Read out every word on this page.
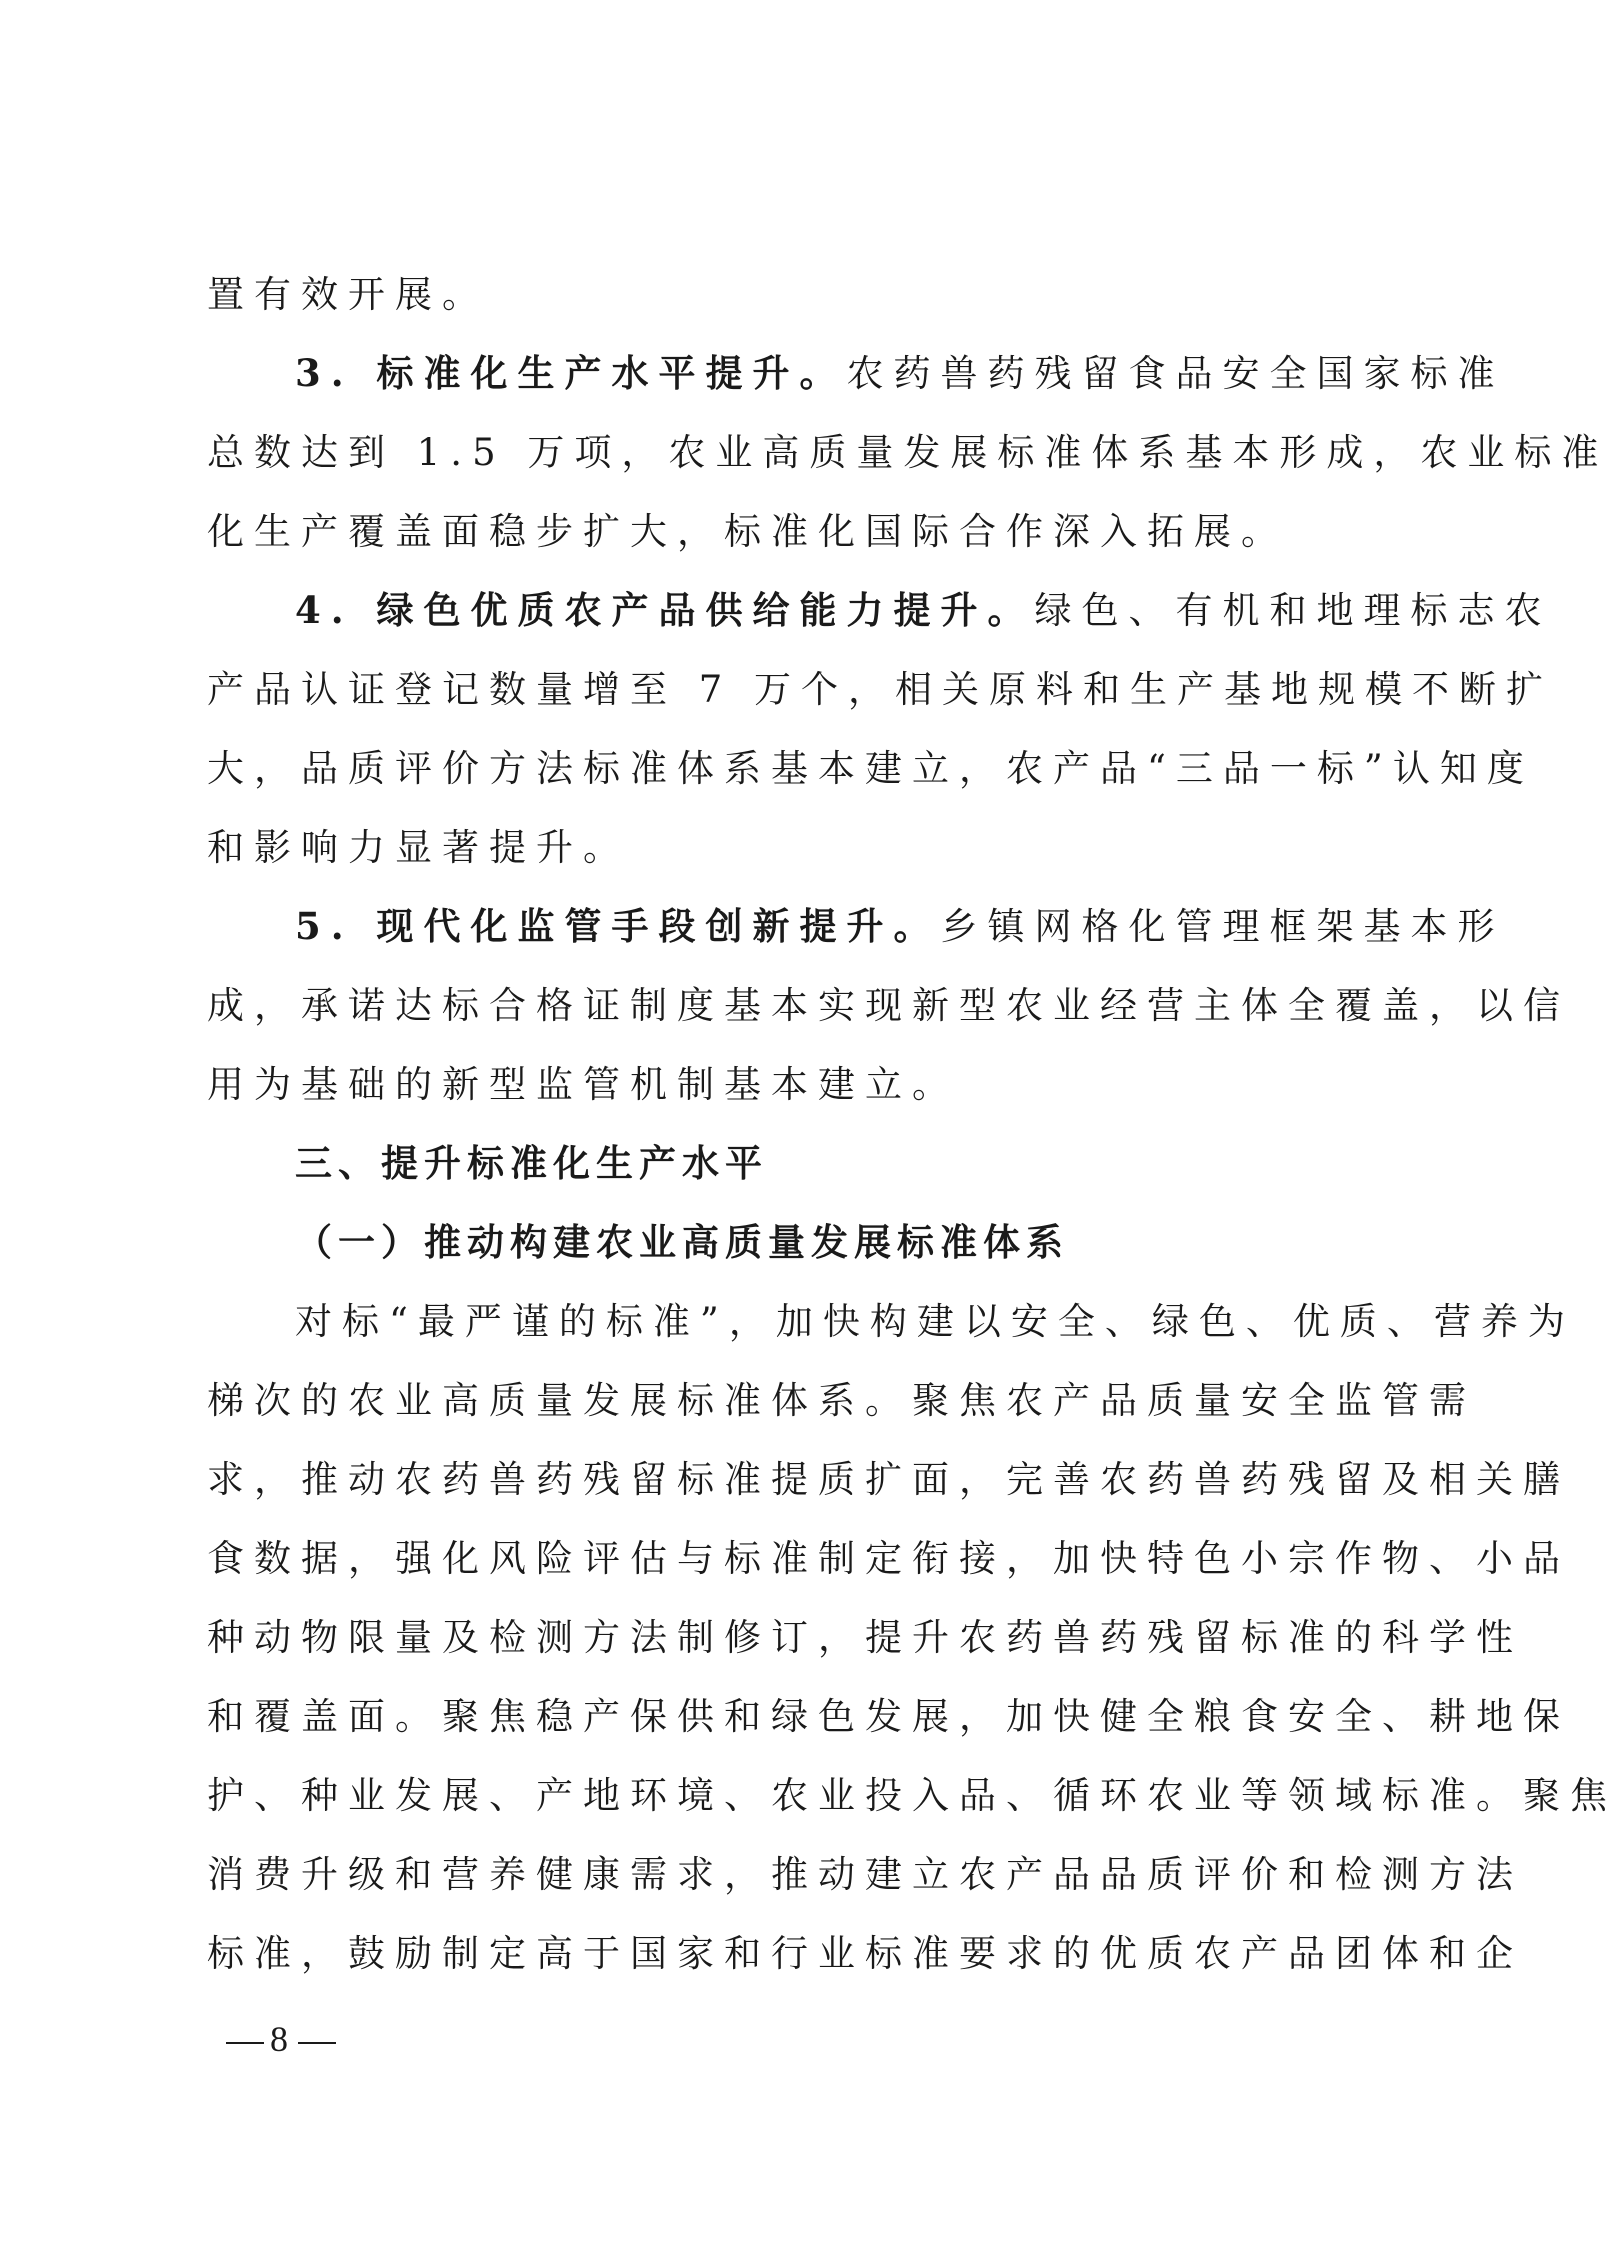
置有效开展。
3. 标准化生产水平提升。农药兽药残留食品安全国家标准
总数达到 1.5 万项，农业高质量发展标准体系基本形成，农业标准
化生产覆盖面稳步扩大，标准化国际合作深入拓展。
4. 绿色优质农产品供给能力提升。绿色、有机和地理标志农
产品认证登记数量增至 7 万个，相关原料和生产基地规模不断扩
大，品质评价方法标准体系基本建立，农产品“三品一标”认知度
和影响力显著提升。
5. 现代化监管手段创新提升。乡镇网格化管理框架基本形
成，承诺达标合格证制度基本实现新型农业经营主体全覆盖，以信
用为基础的新型监管机制基本建立。
三、提升标准化生产水平
（一）推动构建农业高质量发展标准体系
对标“最严谨的标准”，加快构建以安全、绿色、优质、营养为
梯次的农业高质量发展标准体系。聚焦农产品质量安全监管需
求，推动农药兽药残留标准提质扩面，完善农药兽药残留及相关膳
食数据，强化风险评估与标准制定衔接，加快特色小宗作物、小品
种动物限量及检测方法制修订，提升农药兽药残留标准的科学性
和覆盖面。聚焦稳产保供和绿色发展，加快健全粮食安全、耕地保
护、种业发展、产地环境、农业投入品、循环农业等领域标准。聚焦
消费升级和营养健康需求，推动建立农产品品质评价和检测方法
标准，鼓励制定高于国家和行业标准要求的优质农产品团体和企
8
